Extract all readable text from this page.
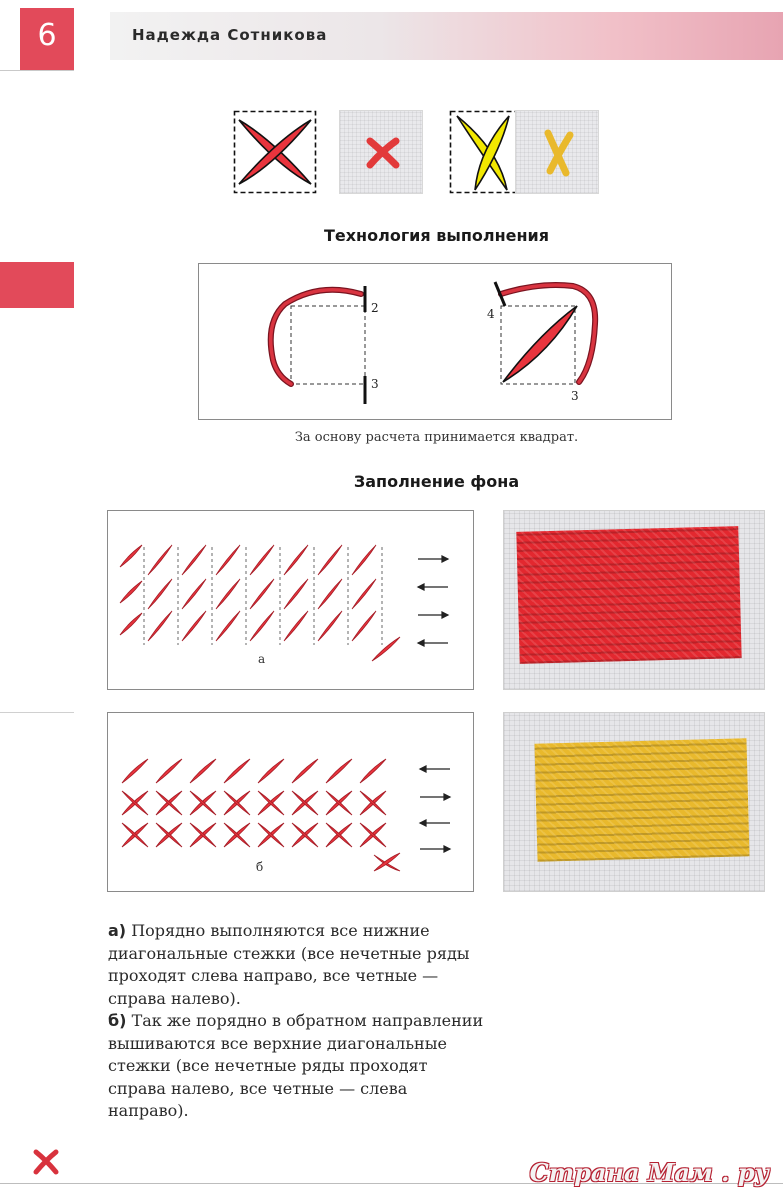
6	Надежда Сотникова
Технология выполнения
2
3
4
3
За основу расчета принимается квадрат.
Заполнение фона
а
б

а) Порядно выполняются все нижние диагональные стежки (все нечетные ряды проходят слева направо, все четные — справа налево).

б) Так же порядно в обратном направлении вышиваются все верхние диагональные стежки (все нечетные ряды проходят справа налево, все четные — слева направо).

Страна Мам . ру
